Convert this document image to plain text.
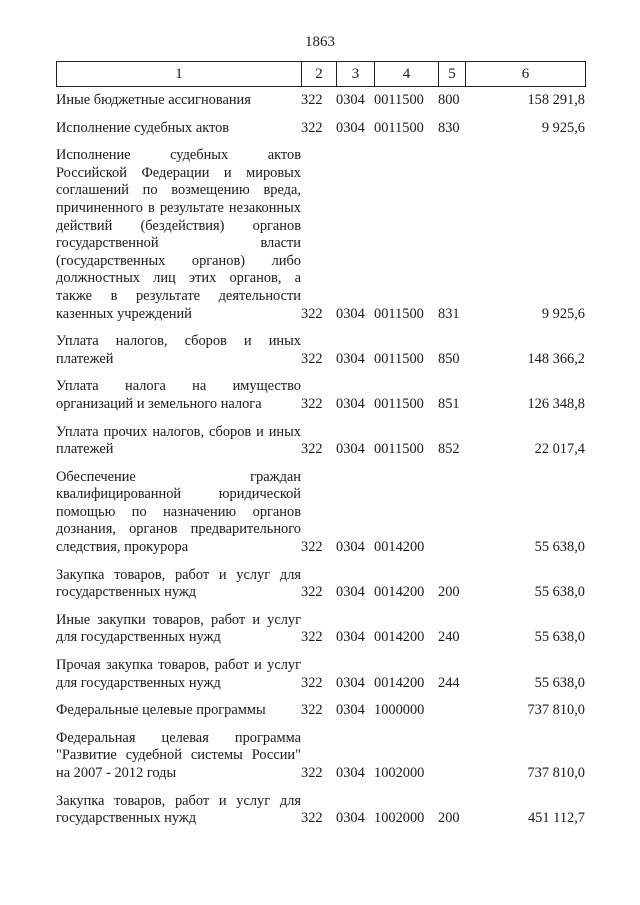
1863
1	2	3	4	5	6
Иные бюджетные ассигнования	322	0304	0011500	800	158 291,8
Исполнение судебных актов	322	0304	0011500	830	9 925,6
Исполнение судебных актов Российской Федерации и мировых соглашений по возмещению вреда, причиненного в результате незаконных действий (бездействия) органов государственной власти (государственных органов) либо должностных лиц этих органов, а также в результате деятельности казенных учреждений	322	0304	0011500	831	9 925,6
Уплата налогов, сборов и иных платежей	322	0304	0011500	850	148 366,2
Уплата налога на имущество организаций и земельного налога	322	0304	0011500	851	126 348,8
Уплата прочих налогов, сборов и иных платежей	322	0304	0011500	852	22 017,4
Обеспечение граждан квалифицированной юридической помощью по назначению органов дознания, органов предварительного следствия, прокурора	322	0304	0014200		55 638,0
Закупка товаров, работ и услуг для государственных нужд	322	0304	0014200	200	55 638,0
Иные закупки товаров, работ и услуг для государственных нужд	322	0304	0014200	240	55 638,0
Прочая закупка товаров, работ и услуг для государственных нужд	322	0304	0014200	244	55 638,0
Федеральные целевые программы	322	0304	1000000		737 810,0
Федеральная целевая программа "Развитие судебной системы России" на 2007 - 2012 годы	322	0304	1002000		737 810,0
Закупка товаров, работ и услуг для государственных нужд	322	0304	1002000	200	451 112,7
